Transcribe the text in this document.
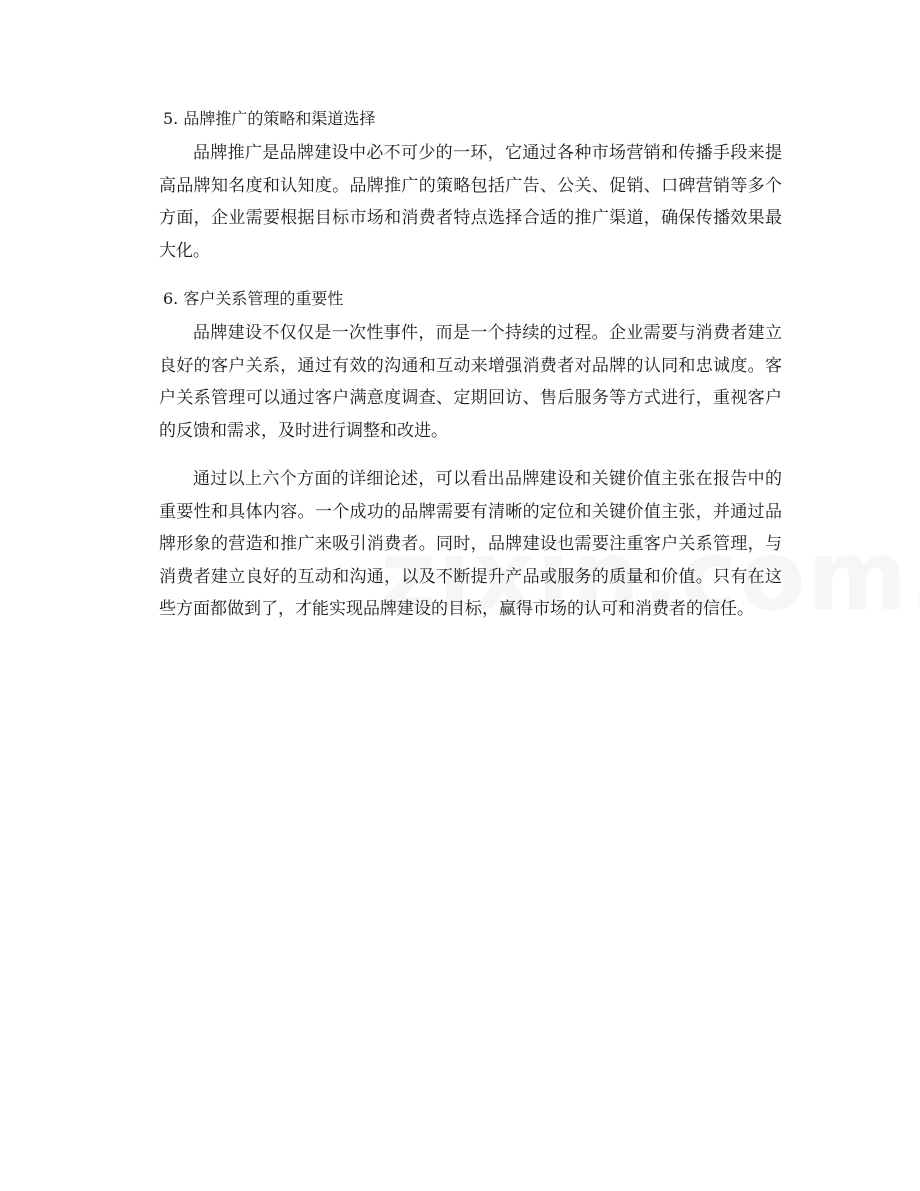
5. 品牌推广的策略和渠道选择

品牌推广是品牌建设中必不可少的一环，它通过各种市场营销和传播手段来提高品牌知名度和认知度。品牌推广的策略包括广告、公关、促销、口碑营销等多个方面，企业需要根据目标市场和消费者特点选择合适的推广渠道，确保传播效果最大化。

6. 客户关系管理的重要性

品牌建设不仅仅是一次性事件，而是一个持续的过程。企业需要与消费者建立良好的客户关系，通过有效的沟通和互动来增强消费者对品牌的认同和忠诚度。客户关系管理可以通过客户满意度调查、定期回访、售后服务等方式进行，重视客户的反馈和需求，及时进行调整和改进。

通过以上六个方面的详细论述，可以看出品牌建设和关键价值主张在报告中的重要性和具体内容。一个成功的品牌需要有清晰的定位和关键价值主张，并通过品牌形象的营造和推广来吸引消费者。同时，品牌建设也需要注重客户关系管理，与消费者建立良好的互动和沟通，以及不断提升产品或服务的质量和价值。只有在这些方面都做到了，才能实现品牌建设的目标，赢得市场的认可和消费者的信任。
